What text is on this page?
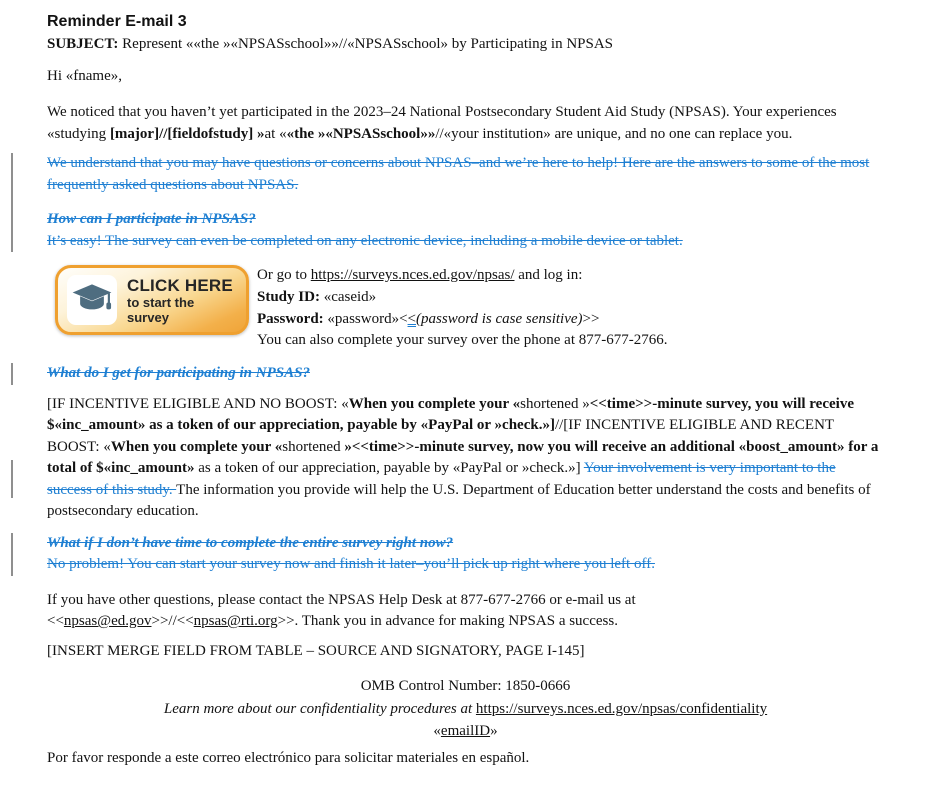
Reminder E-mail 3

SUBJECT: Represent ««the »«NPSASschool»»//«NPSASschool» by Participating in NPSAS

Hi «fname»,

We noticed that you haven’t yet participated in the 2023–24 National Postsecondary Student Aid Study (NPSAS). Your experiences «studying [major]//[fieldofstudy] »at ««the »«NPSASschool»»//«your institution» are unique, and no one can replace you.

We understand that you may have questions or concerns about NPSAS–and we’re here to help! Here are the answers to some of the most frequently asked questions about NPSAS.

How can I participate in NPSAS?
It’s easy! The survey can even be completed on any electronic device, including a mobile device or tablet.

CLICK HERE
to start the
survey
Or go to https://surveys.nces.ed.gov/npsas/ and log in:
Study ID: «caseid»
Password: «password»<<(password is case sensitive)>>
You can also complete your survey over the phone at 877-677-2766.

What do I get for participating in NPSAS?

[IF INCENTIVE ELIGIBLE AND NO BOOST: «When you complete your «shortened »<<time>>-minute survey, you will receive $«inc_amount» as a token of our appreciation, payable by «PayPal or »check.»]//[IF INCENTIVE ELIGIBLE AND RECENT BOOST: «When you complete your «shortened »<<time>>-minute survey, now you will receive an additional «boost_amount» for a total of $«inc_amount» as a token of our appreciation, payable by «PayPal or »check.»] Your involvement is very important to the success of this study. The information you provide will help the U.S. Department of Education better understand the costs and benefits of postsecondary education.

What if I don’t have time to complete the entire survey right now?
No problem! You can start your survey now and finish it later–you’ll pick up right where you left off.

If you have other questions, please contact the NPSAS Help Desk at 877-677-2766 or e-mail us at <<npsas@ed.gov>>//<<npsas@rti.org>>. Thank you in advance for making NPSAS a success.

[INSERT MERGE FIELD FROM TABLE – SOURCE AND SIGNATORY, PAGE I-145]

OMB Control Number: 1850-0666
Learn more about our confidentiality procedures at https://surveys.nces.ed.gov/npsas/confidentiality
«emailID»

Por favor responde a este correo electrónico para solicitar materiales en español.
